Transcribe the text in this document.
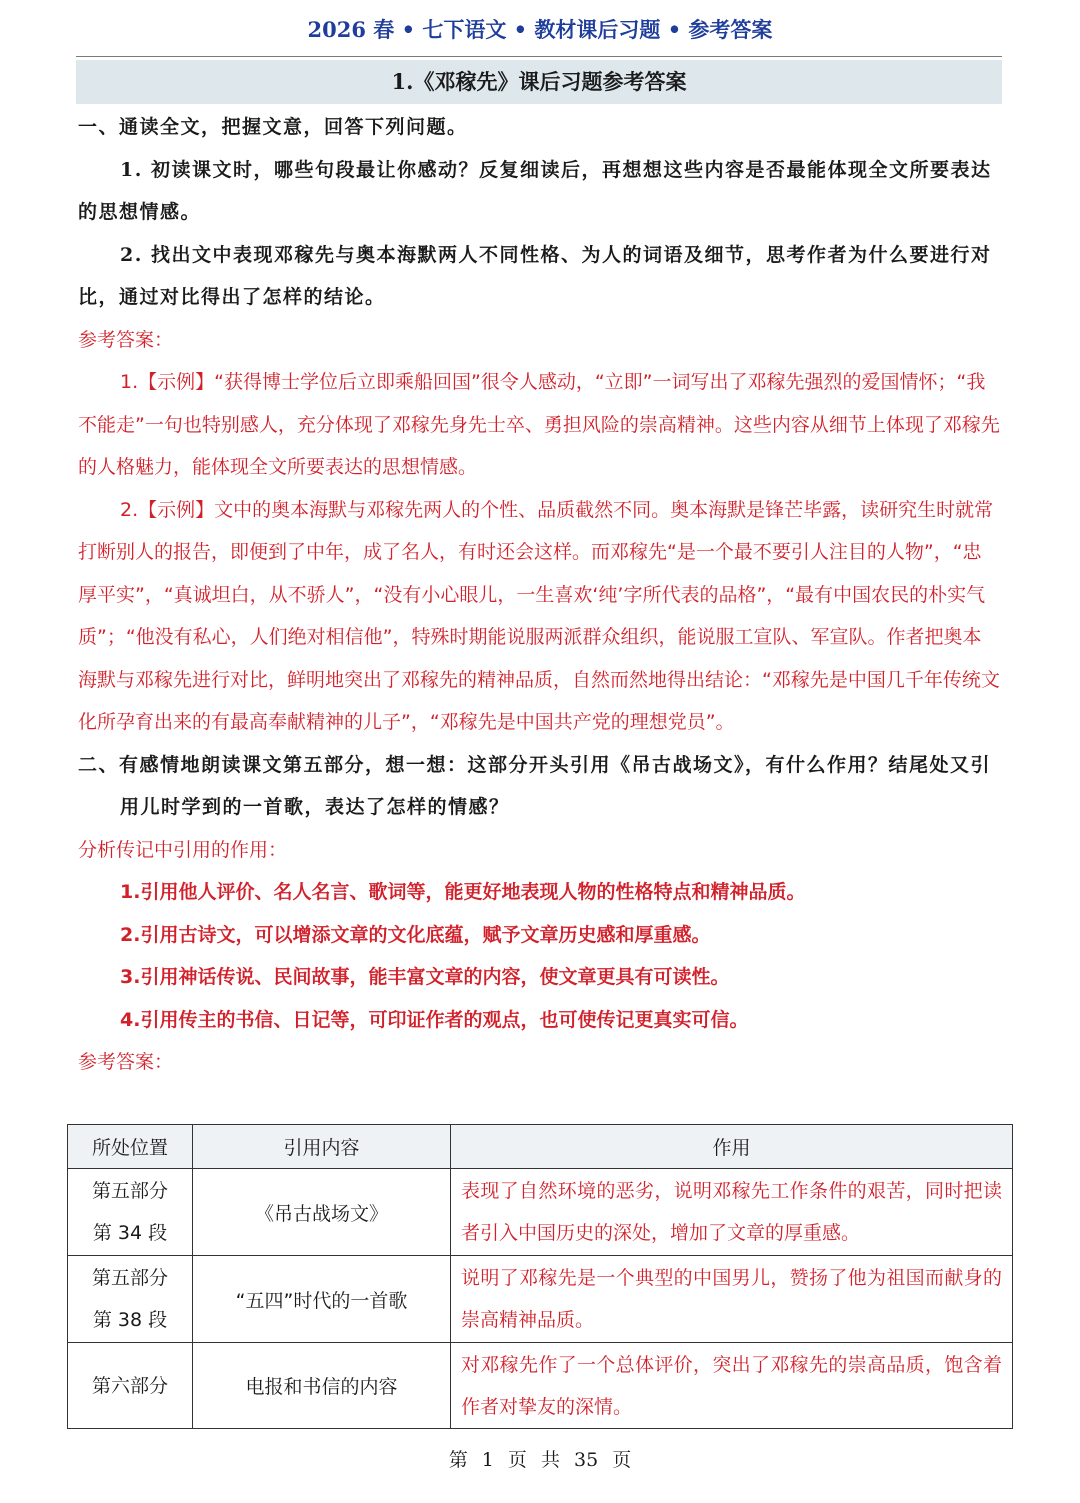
2026 春 • 七下语文 • 教材课后习题 • 参考答案
1.《邓稼先》课后习题参考答案

一、通读全文，把握文意，回答下列问题。

1. 初读课文时，哪些句段最让你感动？反复细读后，再想想这些内容是否最能体现全文所要表达的思想情感。

2. 找出文中表现邓稼先与奥本海默两人不同性格、为人的词语及细节，思考作者为什么要进行对比，通过对比得出了怎样的结论。

参考答案：

1.【示例】“获得博士学位后立即乘船回国”很令人感动，“立即”一词写出了邓稼先强烈的爱国情怀；“我不能走”一句也特别感人，充分体现了邓稼先身先士卒、勇担风险的崇高精神。这些内容从细节上体现了邓稼先的人格魅力，能体现全文所要表达的思想情感。

2.【示例】文中的奥本海默与邓稼先两人的个性、品质截然不同。奥本海默是锋芒毕露，读研究生时就常打断别人的报告，即便到了中年，成了名人，有时还会这样。而邓稼先“是一个最不要引人注目的人物”，“忠厚平实”，“真诚坦白，从不骄人”，“没有小心眼儿，一生喜欢‘纯’字所代表的品格”，“最有中国农民的朴实气质”；“他没有私心，人们绝对相信他”，特殊时期能说服两派群众组织，能说服工宣队、军宣队。作者把奥本海默与邓稼先进行对比，鲜明地突出了邓稼先的精神品质，自然而然地得出结论：“邓稼先是中国几千年传统文化所孕育出来的有最高奉献精神的儿子”，“邓稼先是中国共产党的理想党员”。

二、有感情地朗读课文第五部分，想一想：这部分开头引用《吊古战场文》，有什么作用？结尾处又引用儿时学到的一首歌，表达了怎样的情感？

分析传记中引用的作用：

1.引用他人评价、名人名言、歌词等，能更好地表现人物的性格特点和精神品质。

2.引用古诗文，可以增添文章的文化底蕴，赋予文章历史感和厚重感。

3.引用神话传说、民间故事，能丰富文章的内容，使文章更具有可读性。

4.引用传主的书信、日记等，可印证作者的观点，也可使传记更真实可信。

参考答案：

所处位置	引用内容	作用

第五部分
第 34 段	《吊古战场文》	表现了自然环境的恶劣，说明邓稼先工作条件的艰苦，同时把读者引入中国历史的深处，增加了文章的厚重感。

第五部分
第 38 段	“五四”时代的一首歌	说明了邓稼先是一个典型的中国男儿，赞扬了他为祖国而献身的崇高精神品质。

第六部分	电报和书信的内容	对邓稼先作了一个总体评价，突出了邓稼先的崇高品质，饱含着作者对挚友的深情。
第 1 页 共 35 页
